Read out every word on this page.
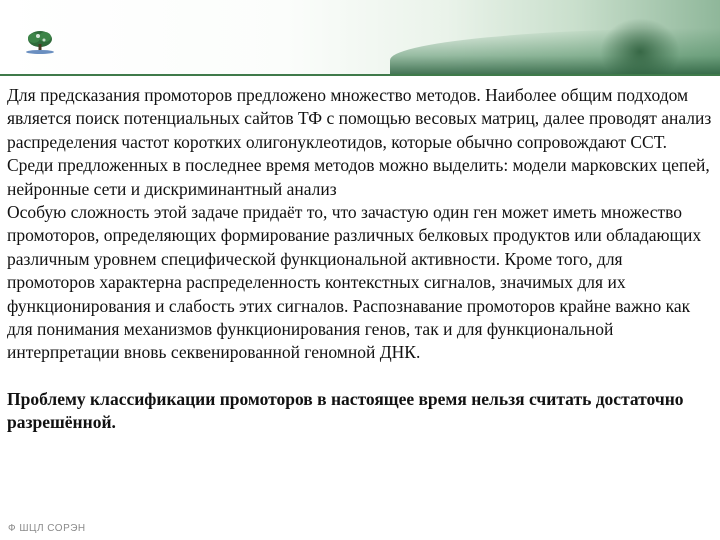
Для предсказания промоторов предложено множество методов. Наиболее общим подходом является поиск потенциальных сайтов ТФ с помощью весовых матриц, далее проводят анализ распределения частот коротких олигонуклеотидов, которые обычно сопровождают ССТ. Среди предложенных в последнее время методов можно выделить: модели марковских цепей, нейронные сети и дискриминантный анализ

Особую сложность этой задаче придаёт то, что зачастую один ген может иметь множество промоторов, определяющих формирование различных белковых продуктов или обладающих различным уровнем специфической функциональной активности. Кроме того, для промоторов характерна распределенность контекстных сигналов, значимых для их функционирования и слабость этих сигналов. Распознавание промоторов крайне важно как для понимания механизмов функционирования генов, так и для функциональной интерпретации вновь секвенированной геномной ДНК.

Проблему классификации промоторов в настоящее время нельзя считать достаточно разрешённой.

Ф ШЦЛ СОРЭН
